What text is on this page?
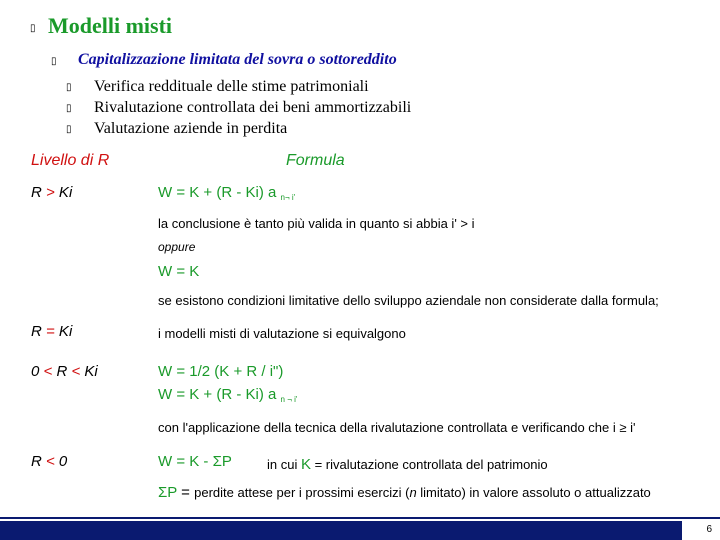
▯ Modelli misti
▯ Capitalizzazione limitata del sovra o sottoreddito
▯ Verifica reddituale delle stime patrimoniali
▯ Rivalutazione controllata dei beni ammortizzabili
▯ Valutazione aziende in perdita
Livello di R	Formula
R > Ki	W = K + (R - Ki) a $_{n\neg i'}$
la conclusione è tanto più valida in quanto si abbia i' > i
oppure
W = K
se esistono condizioni limitative dello sviluppo aziendale non considerate dalla formula;
R = Ki	i modelli misti di valutazione si equivalgono
0 < R < Ki	W = 1/2 (K + R / i")
W = K + (R - Ki) a $_{n \neg i'}$
con l'applicazione della tecnica della rivalutazione controllata e verificando che i ≥ i'
R < 0	W = K - ΣP	in cui K = rivalutazione controllata del patrimonio
ΣP = perdite attese per i prossimi esercizi (n limitato) in valore assoluto o attualizzato
6
